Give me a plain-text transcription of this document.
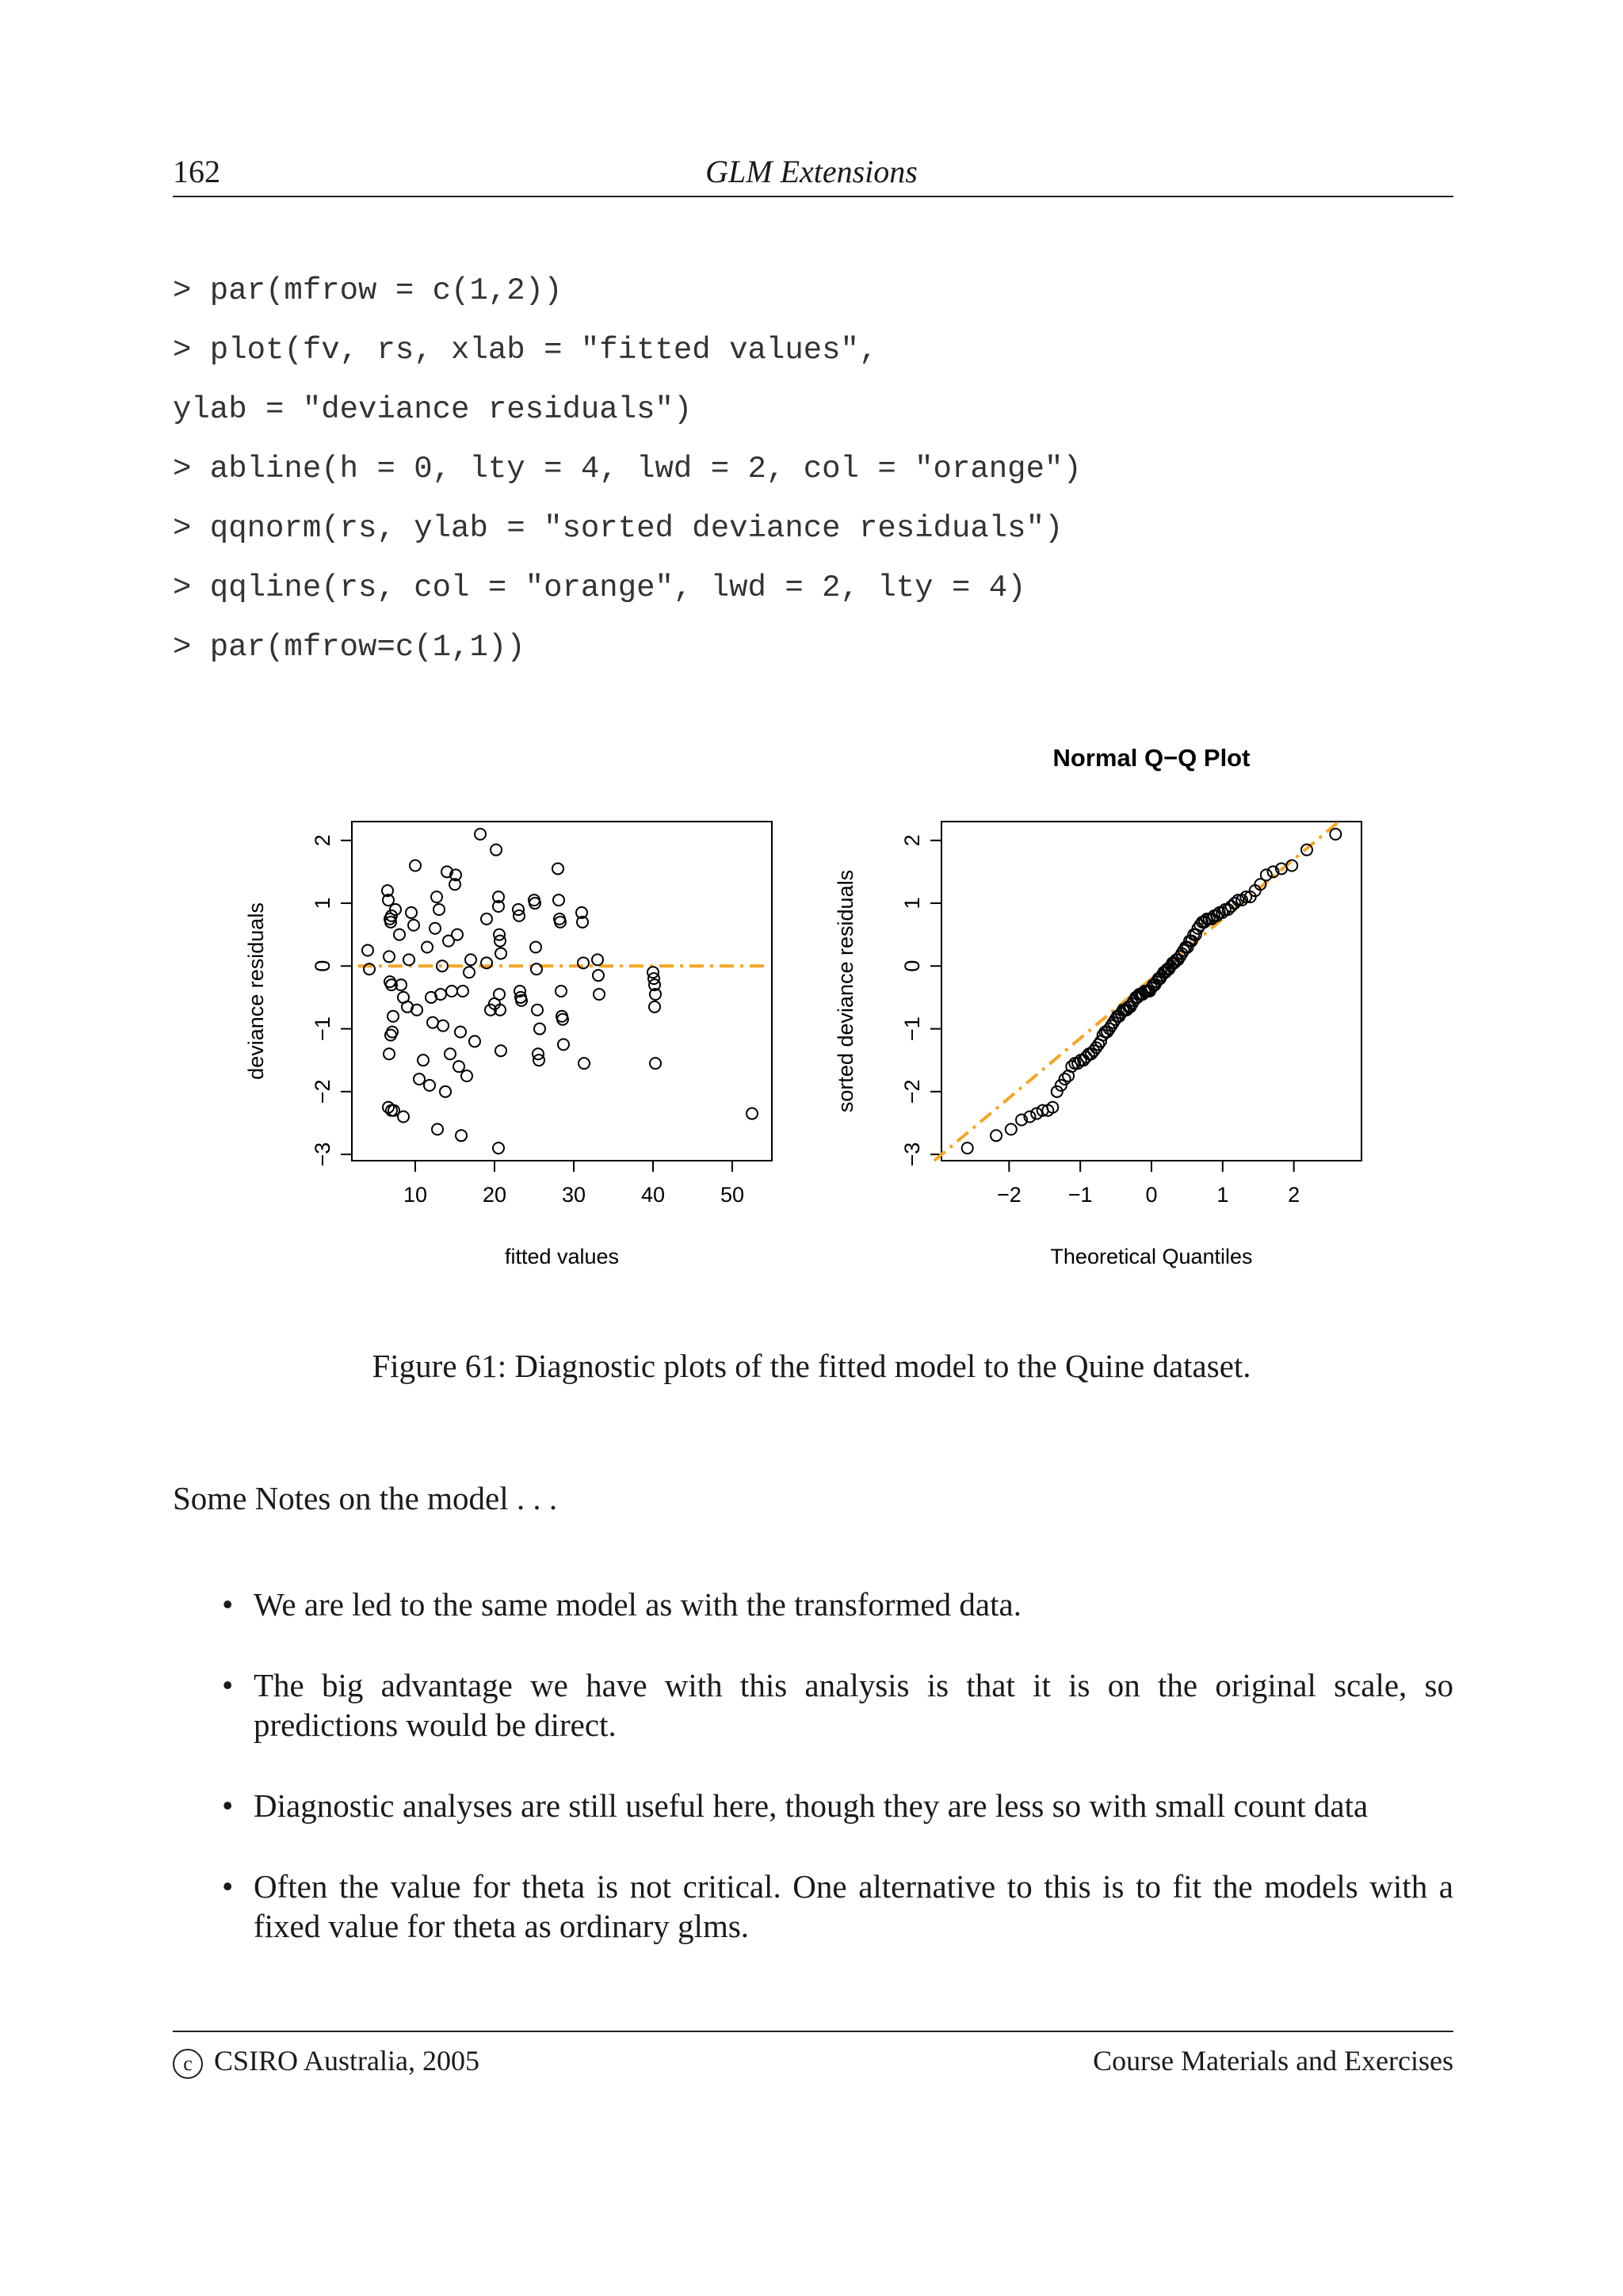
162	GLM Extensions
> par(mfrow = c(1,2))
> plot(fv, rs, xlab = "fitted values",
ylab = "deviance residuals")
> abline(h = 0, lty = 4, lwd = 2, col = "orange")
> qqnorm(rs, ylab = "sorted deviance residuals")
> qqline(rs, col = "orange", lwd = 2, lty = 4)
> par(mfrow=c(1,1))
10	20	30	40	50
−3
−2
−1
0
1
2
fitted values
deviance residuals
Normal Q−Q Plot
−2 −1 0	1	2
−3
−2
−1
0
1
2
Theoretical Quantiles
sorted deviance residuals
Figure 61: Diagnostic plots of the fitted model to the Quine dataset.
Some Notes on the model . . .
• We are led to the same model as with the transformed data.
• The big advantage we have with this analysis is that it is on the original scale, so predictions would be direct.
• Diagnostic analyses are still useful here, though they are less so with small count data
• Often the value for theta is not critical. One alternative to this is to fit the models with a fixed value for theta as ordinary glms.
c CSIRO Australia, 2005	Course Materials and Exercises
